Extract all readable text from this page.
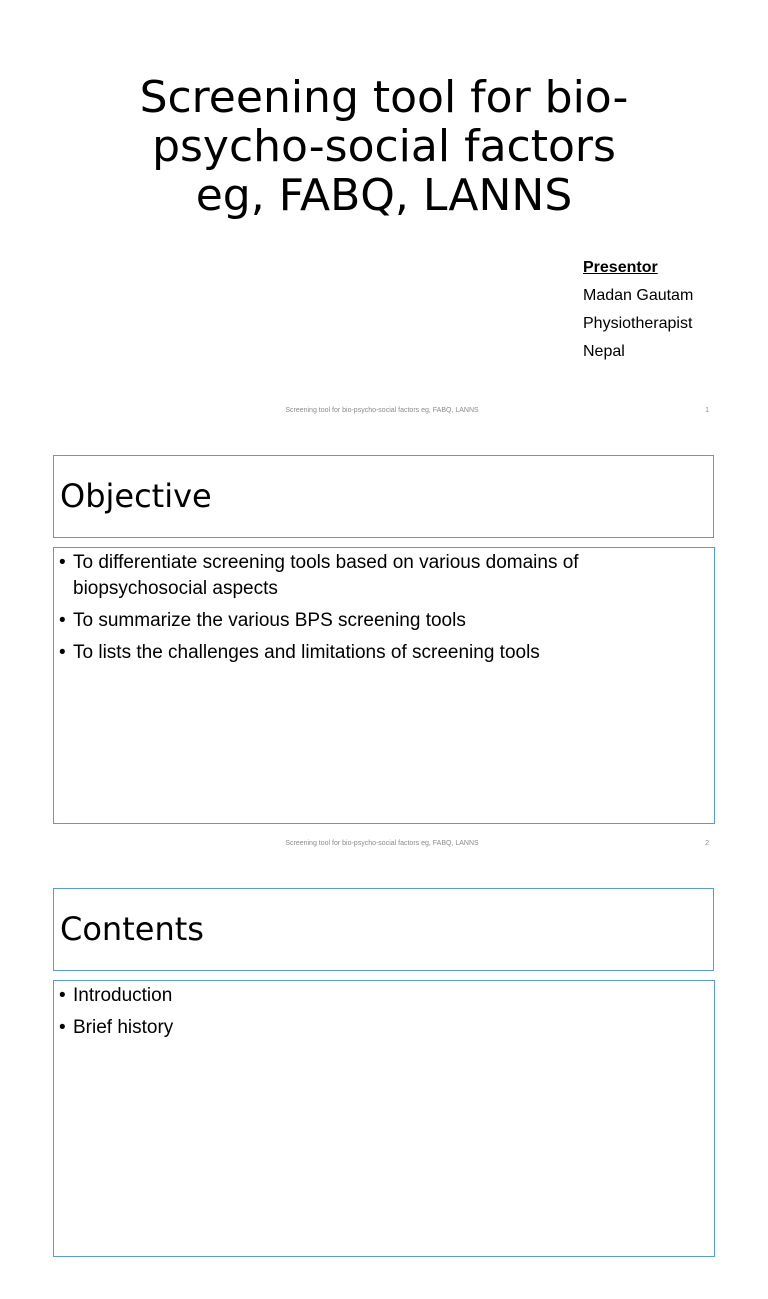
Screening tool for bio-
psycho-social factors
eg, FABQ, LANNS
Presentor
Madan Gautam
Physiotherapist
Nepal
Screening tool for bio-psycho-social factors eg, FABQ, LANNS	1
Objective
• To differentiate screening tools based on various domains of biopsychosocial aspects
• To summarize the various BPS screening tools
• To lists the challenges and limitations of screening tools
Screening tool for bio-psycho-social factors eg, FABQ, LANNS	2
Contents
• Introduction
• Brief history
